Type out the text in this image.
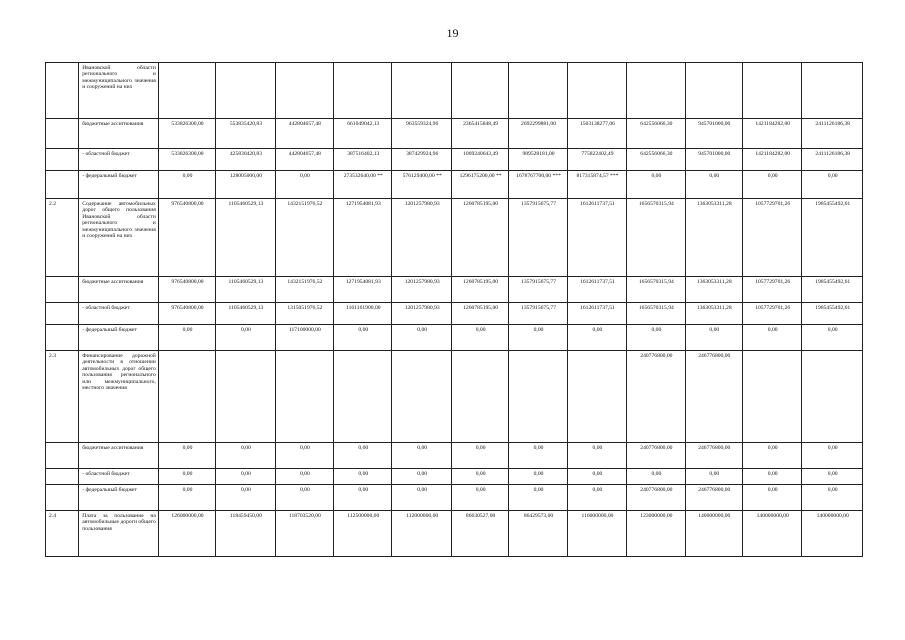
19
	Ивановской области регионального и межмуниципального значения и сооружений на них												
	бюджетные ассигнования	533826300,00	553835420,83	442804657,48	661049042,13	963559324,96	2365415848,49	2692299881,00	1503138277,06	642556066,30	945701000,00	1421184282,00	2411126186,38
	- областной бюджет	533826300,00	425830420,83	442804657,48	387516402,13	387429924,96	1069240643,49	989528181,00	775822402,49	642556066,30	945701000,00	1421184282,00	2411126186,38
	- федеральный бюджет	0,00	128005000,00	0,00	273532640,00 **	576129400,00 **	1296175200,00 **	1678767700,00 ***	817315874,57 ***	0,00	0,00	0,00	0,00
2.2	Содержание автомобильных дорог общего пользования Ивановской области регионального и межмуниципального значения и сооружений на них	976540800,00	1105460529,13	1432151976,52	1271954081,93	1201257980,93	1260785195,00	1357915675,77	1612611737,51	1656570315,94	1363053311,28	1057729701,26	1985455492,61
	бюджетные ассигнования	976540800,00	1105460529,13	1432151976,52	1271954081,93	1201257980,93	1260785195,00	1357915675,77	1612611737,51	1656570315,94	1363053311,28	1057729701,26	1985455492,61
	- областной бюджет	976540800,00	1105460529,13	1315051976,52	1161161900,00	1201257980,93	1260785195,00	1357915675,77	1612611737,51	1656570315,94	1363053311,28	1057729701,26	1985455492,61
	- федеральный бюджет	0,00	0,00	117100000,00	0,00	0,00	0,00	0,00	0,00	0,00	0,00	0,00	0,00
2.3	Финансирование дорожной деятельности в отношении автомобильных дорог общего пользования регионального или межмуниципального, местного значения									240776800,00	246776800,00		
	бюджетные ассигнования	0,00	0,00	0,00	0,00	0,00	0,00	0,00	0,00	240776800,00	246776800,00	0,00	0,00
	- областной бюджет	0,00	0,00	0,00	0,00	0,00	0,00	0,00	0,00	0,00	0,00	0,00	0,00
	- федеральный бюджет	0,00	0,00	0,00	0,00	0,00	0,00	0,00	0,00	240776800,00	246776800,00	0,00	0,00
2.4	Плата за пользование на автомобильные дороги общего пользования	126000000,00	118459450,00	118703520,00	112500000,00	112000000,00	86630527,00	86429573,00	116000000,00	123000000,00	140000000,00	140000000,00	140000000,00
